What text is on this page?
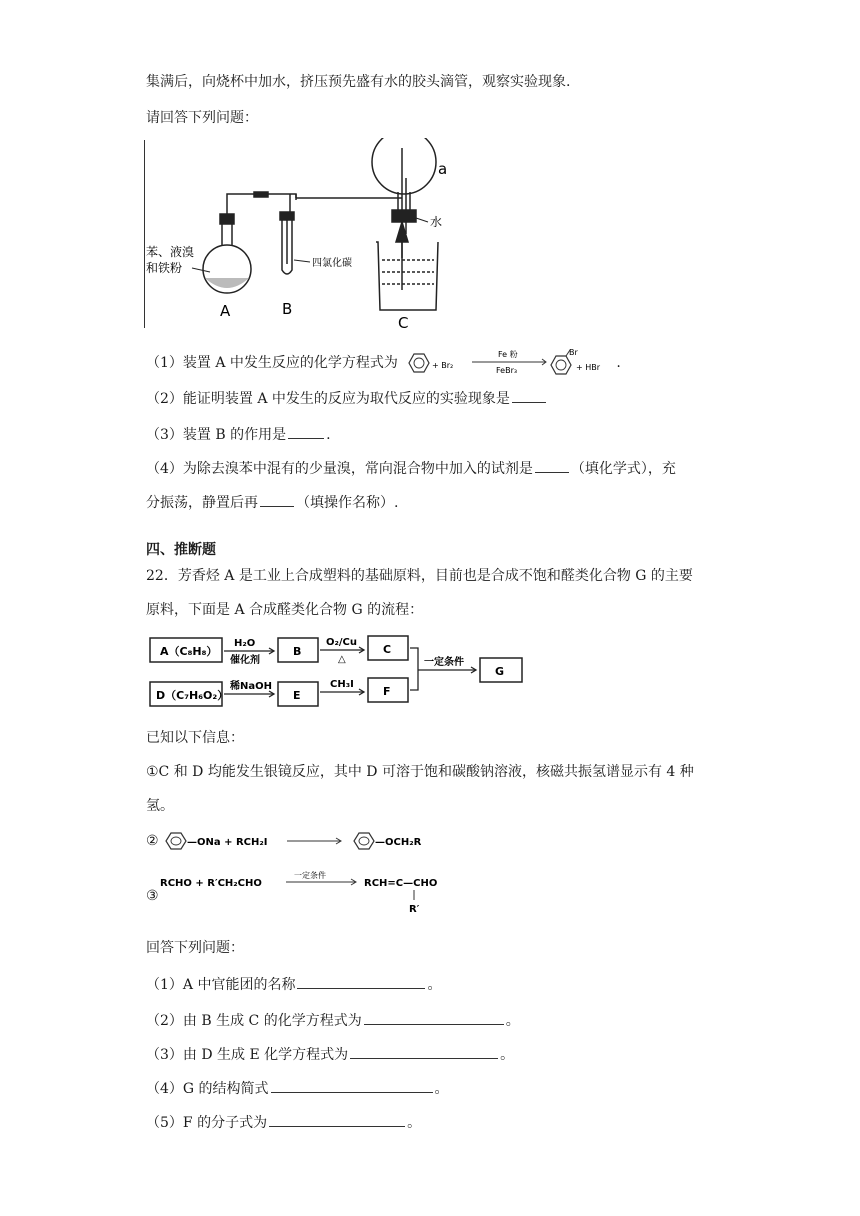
集满后，向烧杯中加水，挤压预先盛有水的胶头滴管，观察实验现象.
请回答下列问题：
苯、液溴
和铁粉
A
四氯化碳
B
a
水
C
（1）装置 A 中发生反应的化学方程式为	+ Br₂
Fe 粉
FeBr₃
Br
+ HBr .
（2）能证明装置 A 中发生的反应为取代反应的实验现象是
（3）装置 B 的作用是	.
（4）为除去溴苯中混有的少量溴，常向混合物中加入的试剂是	（填化学式），充
分振荡，静置后再	（填操作名称）.
四、推断题
22．芳香烃 A 是工业上合成塑料的基础原料，目前也是合成不饱和醛类化合物 G 的主要
原料，下面是 A 合成醛类化合物 G 的流程：
A（C₈H₈）	B	C
D（C₇H₆O₂）	E	F
G
H₂O
催化剂
O₂/Cu
△
稀NaOH	CH₃I
一定条件
已知以下信息：
①C 和 D 均能发生银镜反应，其中 D 可溶于饱和碳酸钠溶液，核磁共振氢谱显示有 4 种
氢。
②	—ONa + RCH₂I	—OCH₂R
③
RCHO + R′CH₂CHO
一定条件
RCH=C—CHO
R′
回答下列问题：
（1）A 中官能团的名称	。
（2）由 B 生成 C 的化学方程式为	。
（3）由 D 生成 E 化学方程式为	。
（4）G 的结构简式	。
（5）F 的分子式为	。
